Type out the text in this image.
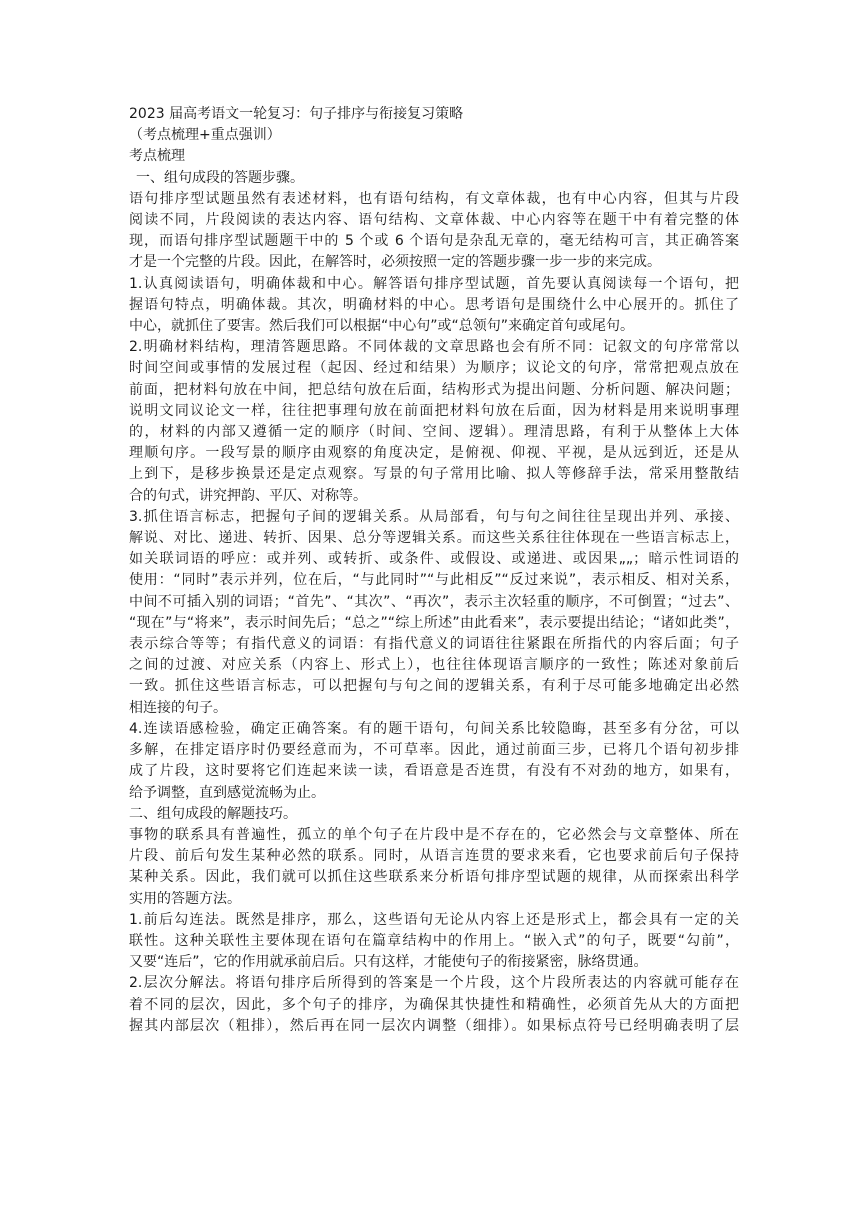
2023 届高考语文一轮复习：句子排序与衔接复习策略
（考点梳理+重点强训）
考点梳理
一、组句成段的答题步骤。
语句排序型试题虽然有表述材料，也有语句结构，有文章体裁，也有中心内容，但其与片段
阅读不同，片段阅读的表达内容、语句结构、文章体裁、中心内容等在题干中有着完整的体
现，而语句排序型试题题干中的 5 个或 6 个语句是杂乱无章的，毫无结构可言，其正确答案
才是一个完整的片段。因此，在解答时，必须按照一定的答题步骤一步一步的来完成。
1.认真阅读语句，明确体裁和中心。解答语句排序型试题，首先要认真阅读每一个语句，把
握语句特点，明确体裁。其次，明确材料的中心。思考语句是围绕什么中心展开的。抓住了
中心，就抓住了要害。然后我们可以根据“中心句”或“总领句”来确定首句或尾句。
2.明确材料结构，理清答题思路。不同体裁的文章思路也会有所不同：记叙文的句序常常以
时间空间或事情的发展过程（起因、经过和结果）为顺序；议论文的句序，常常把观点放在
前面，把材料句放在中间，把总结句放在后面，结构形式为提出问题、分析问题、解决问题；
说明文同议论文一样，往往把事理句放在前面把材料句放在后面，因为材料是用来说明事理
的，材料的内部又遵循一定的顺序（时间、空间、逻辑）。理清思路，有利于从整体上大体
理顺句序。一段写景的顺序由观察的角度决定，是俯视、仰视、平视，是从远到近，还是从
上到下，是移步换景还是定点观察。写景的句子常用比喻、拟人等修辞手法，常采用整散结
合的句式，讲究押韵、平仄、对称等。
3.抓住语言标志，把握句子间的逻辑关系。从局部看，句与句之间往往呈现出并列、承接、
解说、对比、递进、转折、因果、总分等逻辑关系。而这些关系往往体现在一些语言标志上，
如关联词语的呼应：或并列、或转折、或条件、或假设、或递进、或因果„„；暗示性词语的
使用：“同时”表示并列，位在后，“与此同时”“与此相反”“反过来说”，表示相反、相对关系，
中间不可插入别的词语；“首先”、“其次”、“再次”，表示主次轻重的顺序，不可倒置；“过去”、
“现在”与“将来”，表示时间先后；“总之”“综上所述”由此看来”，表示要提出结论；“诸如此类”，
表示综合等等；有指代意义的词语：有指代意义的词语往往紧跟在所指代的内容后面；句子
之间的过渡、对应关系（内容上、形式上），也往往体现语言顺序的一致性；陈述对象前后
一致。抓住这些语言标志，可以把握句与句之间的逻辑关系，有利于尽可能多地确定出必然
相连接的句子。
4.连读语感检验，确定正确答案。有的题干语句，句间关系比较隐晦，甚至多有分岔，可以
多解，在排定语序时仍要经意而为，不可草率。因此，通过前面三步，已将几个语句初步排
成了片段，这时要将它们连起来读一读，看语意是否连贯，有没有不对劲的地方，如果有，
给予调整，直到感觉流畅为止。
二、组句成段的解题技巧。
事物的联系具有普遍性，孤立的单个句子在片段中是不存在的，它必然会与文章整体、所在
片段、前后句发生某种必然的联系。同时，从语言连贯的要求来看，它也要求前后句子保持
某种关系。因此，我们就可以抓住这些联系来分析语句排序型试题的规律，从而探索出科学
实用的答题方法。
1.前后勾连法。既然是排序，那么，这些语句无论从内容上还是形式上，都会具有一定的关
联性。这种关联性主要体现在语句在篇章结构中的作用上。“嵌入式”的句子，既要“勾前”，
又要“连后”，它的作用就承前启后。只有这样，才能使句子的衔接紧密，脉络贯通。
2.层次分解法。将语句排序后所得到的答案是一个片段，这个片段所表达的内容就可能存在
着不同的层次，因此，多个句子的排序，为确保其快捷性和精确性，必须首先从大的方面把
握其内部层次（粗排），然后再在同一层次内调整（细排）。如果标点符号已经明确表明了层
